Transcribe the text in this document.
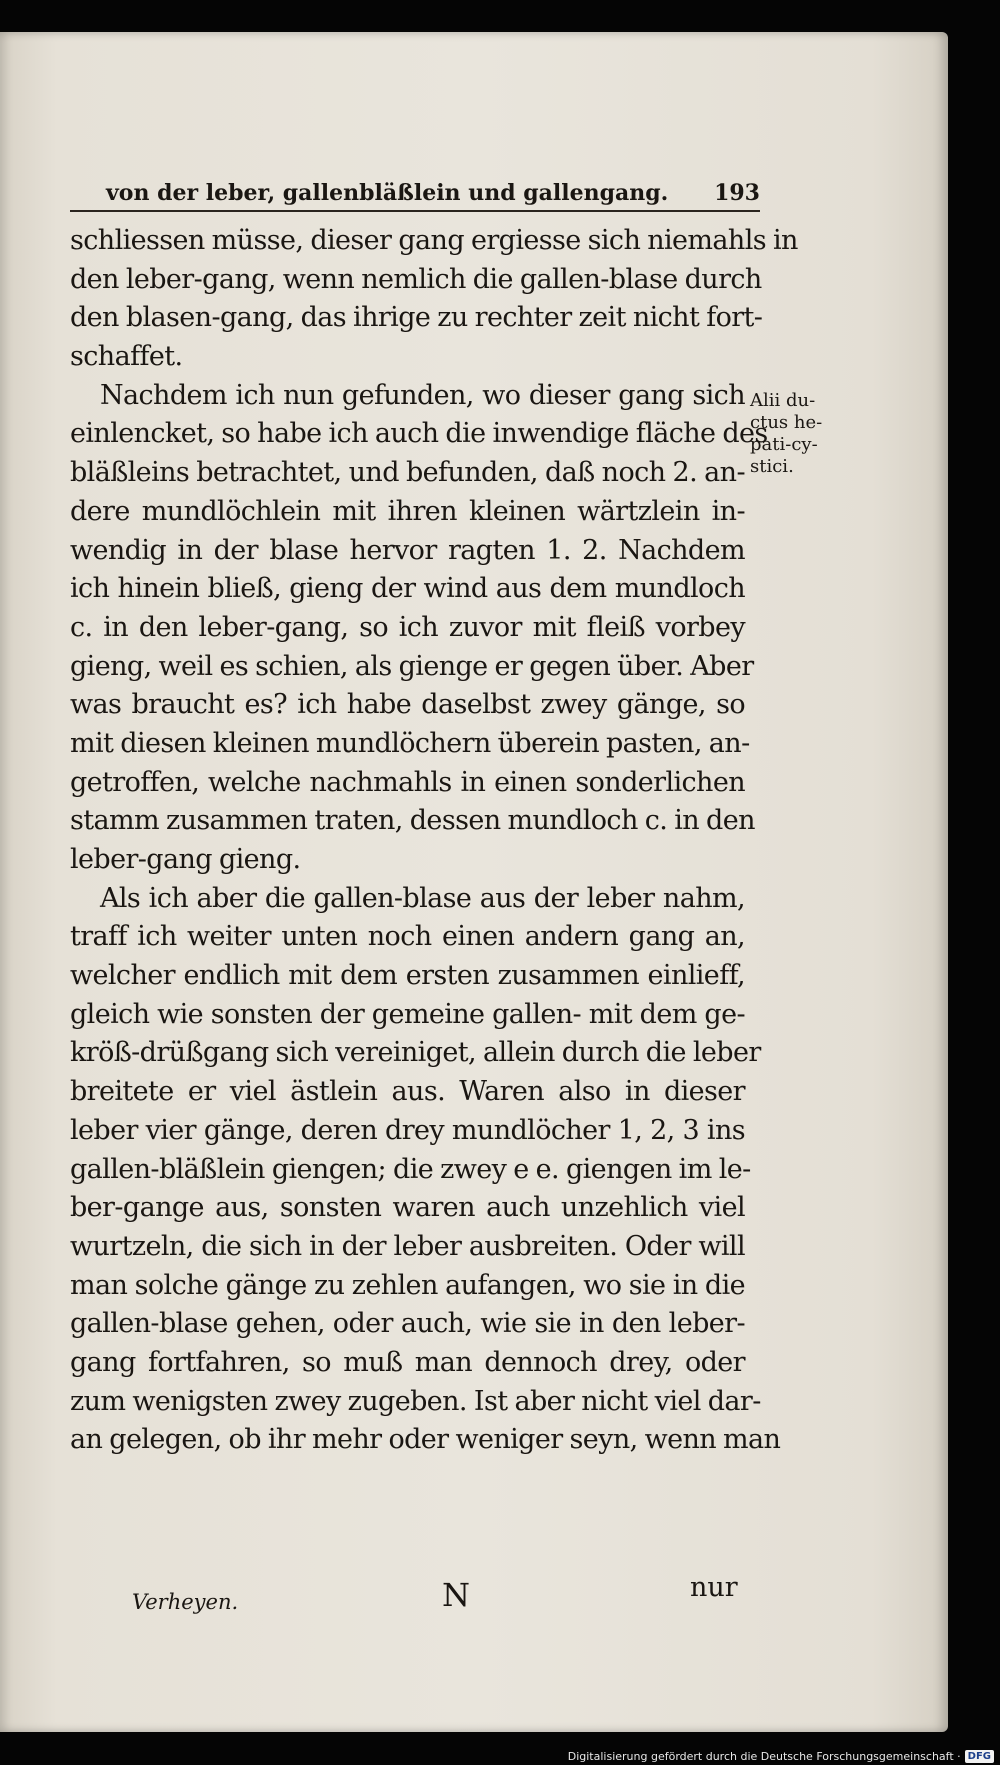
von der leber, gallenbläßlein und gallengang. 193
schliessen müsse, dieser gang ergiesse sich niemahls in
den leber-gang, wenn nemlich die gallen-blase durch
den blasen-gang, das ihrige zu rechter zeit nicht fort-
schaffet.
Nachdem ich nun gefunden, wo dieser gang sich
einlencket, so habe ich auch die inwendige fläche des
bläßleins betrachtet, und befunden, daß noch 2. an-
dere mundlöchlein mit ihren kleinen wärtzlein in-
wendig in der blase hervor ragten 1. 2. Nachdem
ich hinein bließ, gieng der wind aus dem mundloch
c. in den leber-gang, so ich zuvor mit fleiß vorbey
gieng, weil es schien, als gienge er gegen über. Aber
was braucht es? ich habe daselbst zwey gänge, so
mit diesen kleinen mundlöchern überein pasten, an-
getroffen, welche nachmahls in einen sonderlichen
stamm zusammen traten, dessen mundloch c. in den
leber-gang gieng.
Als ich aber die gallen-blase aus der leber nahm,
traff ich weiter unten noch einen andern gang an,
welcher endlich mit dem ersten zusammen einlieff,
gleich wie sonsten der gemeine gallen- mit dem ge-
kröß-drüßgang sich vereiniget, allein durch die leber
breitete er viel ästlein aus. Waren also in dieser
leber vier gänge, deren drey mundlöcher 1, 2, 3 ins
gallen-bläßlein giengen; die zwey e e. giengen im le-
ber-gange aus, sonsten waren auch unzehlich viel
wurtzeln, die sich in der leber ausbreiten. Oder will
man solche gänge zu zehlen aufangen, wo sie in die
gallen-blase gehen, oder auch, wie sie in den leber-
gang fortfahren, so muß man dennoch drey, oder
zum wenigsten zwey zugeben. Ist aber nicht viel dar-
an gelegen, ob ihr mehr oder weniger seyn, wenn man
Alii du-
ctus he-
pati-cy-
stici.
Verheyen.	N	nur
Digitalisierung gefördert durch die Deutsche Forschungsgemeinschaft · DFG
